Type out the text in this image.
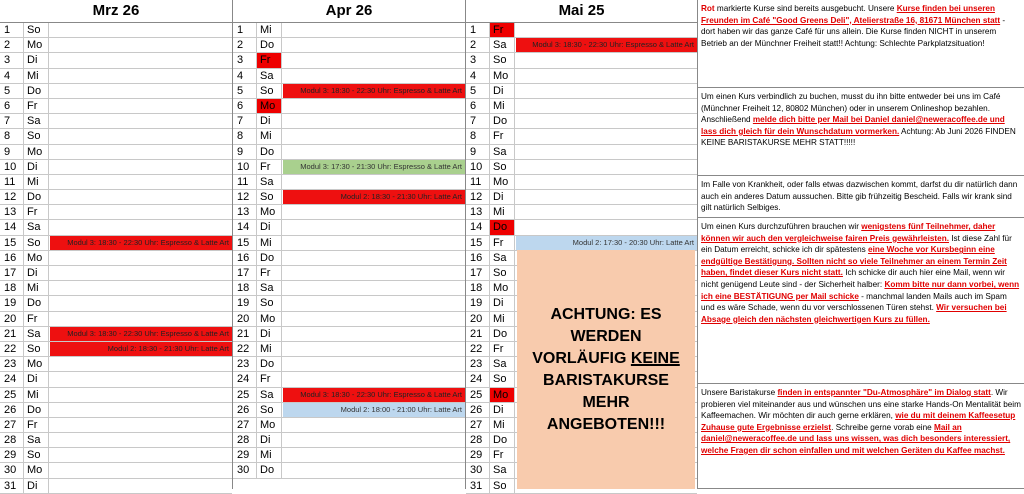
Mrz 26
1	So
2	Mo
3	Di
4	Mi
5	Do
6	Fr
7	Sa
8	So
9	Mo
10 Di
11	Mi
12 Do
13 Fr
14 Sa
15 So	Modul 3: 18:30 - 22:30 Uhr: Espresso & Latte Art
16 Mo
17 Di
18 Mi
19 Do
20 Fr
21 Sa	Modul 3: 18:30 - 22:30 Uhr: Espresso & Latte Art
22 So	Modul 2: 18:30 - 21:30 Uhr: Latte Art
23 Mo
24 Di
25 Mi
26 Do
27 Fr
28 Sa
29 So
30 Mo
31 Di
Apr 26
1	Mi
2	Do
3	Fr
4	Sa
5	So	Modul 3: 18:30 - 22:30 Uhr: Espresso & Latte Art
6	Mo
7	Di
8	Mi
9	Do
10 Fr	Modul 3: 17:30 - 21:30 Uhr: Espresso & Latte Art
11	Sa
12 So	Modul 2: 18:30 - 21:30 Uhr: Latte Art
13 Mo
14 Di
15 Mi
16 Do
17 Fr
18 Sa
19 So
20 Mo
21 Di
22 Mi
23 Do
24 Fr
25 Sa	Modul 3: 18:30 - 22:30 Uhr: Espresso & Latte Art
26 So	Modul 2: 18:00 - 21:00 Uhr: Latte Art
27 Mo
28 Di
29 Mi
30 Do
Mai 25
1	Fr
2	Sa	Modul 3: 18:30 - 22:30 Uhr: Espresso & Latte Art
3	So
4	Mo
5	Di
6	Mi
7	Do
8	Fr
9	Sa
10 So
11	Mo
12 Di
13 Mi
14 Do
15 Fr	Modul 2: 17:30 - 20:30 Uhr: Latte Art
16 Sa
17 So
18 Mo
19 Di
20 Mi
21 Do
22 Fr
23 Sa
24 So
25 Mo
26 Di
27 Mi
28 Do
29 Fr
30 Sa
31 So
ACHTUNG: ES WERDEN VORLÄUFIG KEINE BARISTAKURSE MEHR ANGEBOTEN!!!
Rot markierte Kurse sind bereits ausgebucht. Unsere Kurse finden bei unseren Freunden im Café "Good Greens Deli", Atelierstraße 16, 81671 München statt - dort haben wir das ganze Café für uns allein. Die Kurse finden NICHT in unserem Betrieb an der Münchner Freiheit statt!! Achtung: Schlechte Parkplatzsituation!
Um einen Kurs verbindlich zu buchen, musst du ihn bitte entweder bei uns im Café (Münchner Freiheit 12, 80802 München) oder in unserem Onlineshop bezahlen. Anschließend melde dich bitte per Mail bei Daniel daniel@neweracoffee.de und lass dich gleich für dein Wunschdatum vormerken. Achtung: Ab Juni 2026 FINDEN KEINE BARISTAKURSE MEHR STATT!!!!!
Im Falle von Krankheit, oder falls etwas dazwischen kommt, darfst du dir natürlich dann auch ein anderes Datum aussuchen. Bitte gib frühzeitig Bescheid. Falls wir krank sind gilt natürlich Selbiges.
Um einen Kurs durchzuführen brauchen wir wenigstens fünf Teilnehmer, daher können wir auch den vergleichweise fairen Preis gewährleisten. Ist diese Zahl für ein Datum erreicht, schicke ich dir spätestens eine Woche vor Kursbeginn eine endgültige Bestätigung. Sollten nicht so viele Teilnehmer an einem Termin Zeit haben, findet dieser Kurs nicht statt. Ich schicke dir auch hier eine Mail, wenn wir nicht genügend Leute sind - der Sicherheit halber: Komm bitte nur dann vorbei, wenn ich eine BESTÄTIGUNG per Mail schicke - manchmal landen Mails auch im Spam und es wäre Schade, wenn du vor verschlossenen Türen stehst. Wir versuchen bei Absage gleich den nächsten gleichwertigen Kurs zu füllen.
Unsere Baristakurse finden in entspannter "Du-Atmosphäre" im Dialog statt. Wir probieren viel miteinander aus und wünschen uns eine starke Hands-On Mentalität beim Kaffeemachen. Wir möchten dir auch gerne erklären, wie du mit deinem Kaffeesetup Zuhause gute Ergebnisse erzielst. Schreibe gerne vorab eine Mail an daniel@neweracoffee.de und lass uns wissen, was dich besonders interessiert, welche Fragen dir schon einfallen und mit welchen Geräten du Kaffee machst.
